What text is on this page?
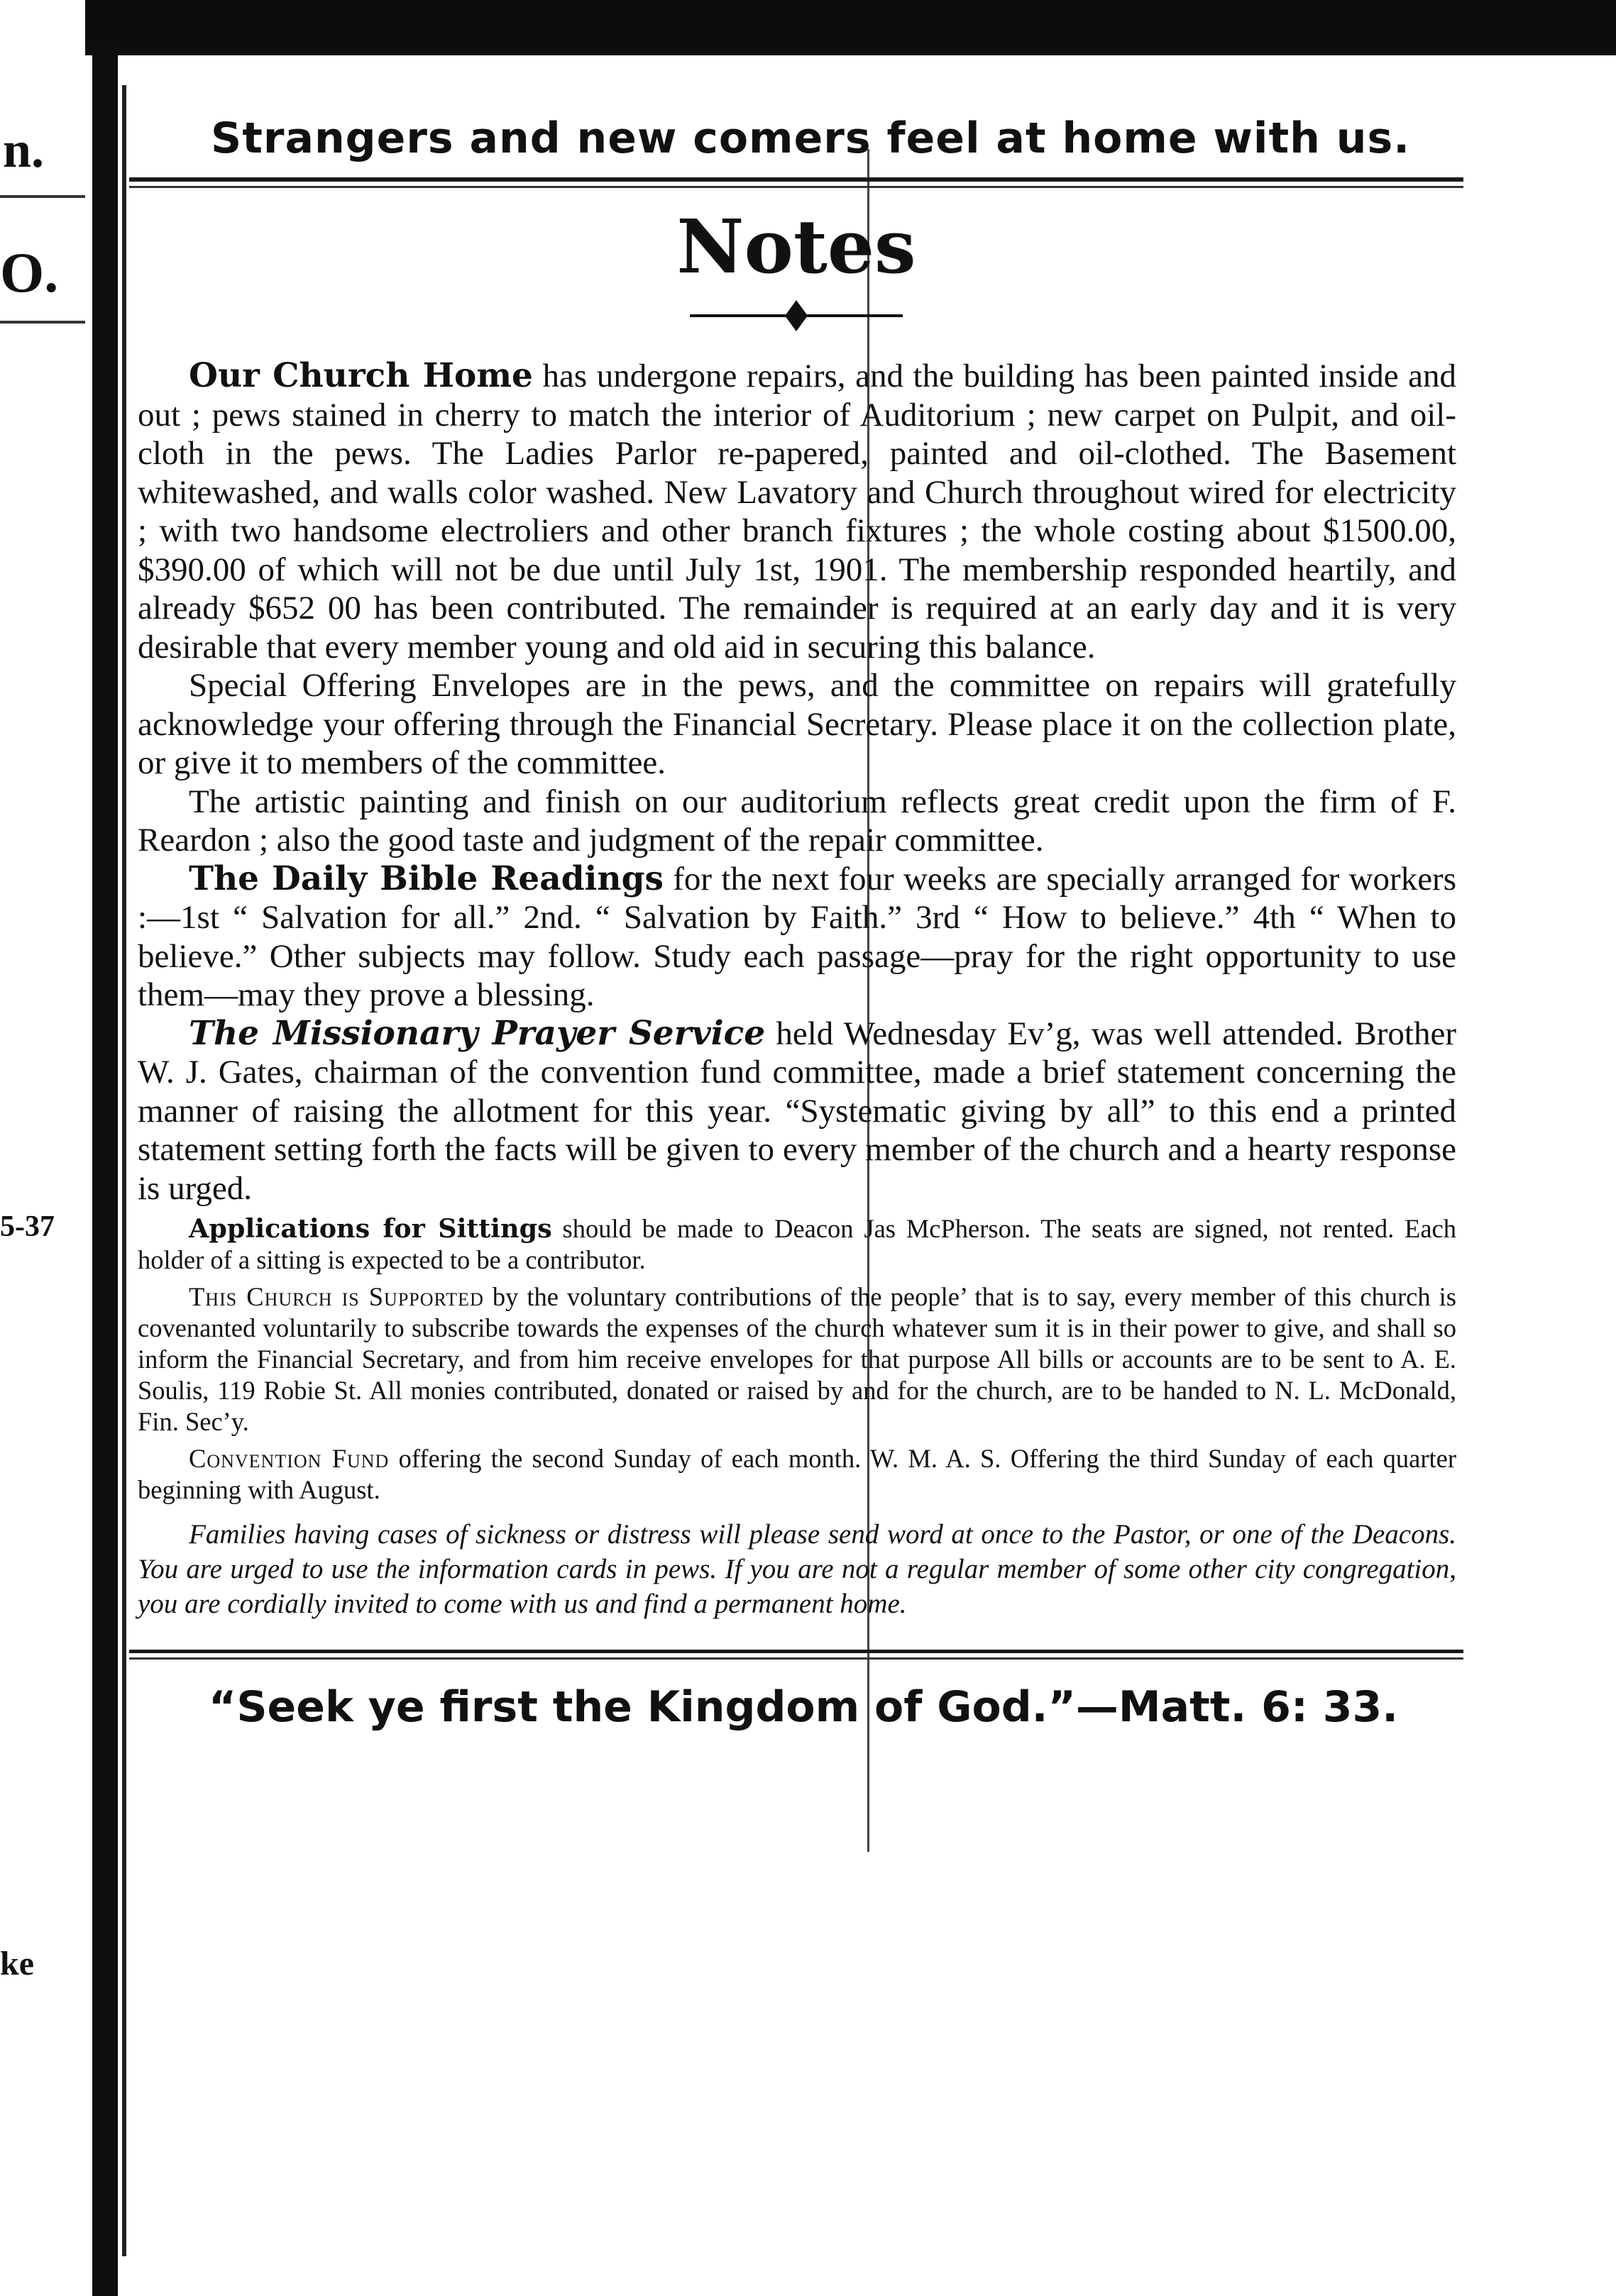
n.
O.
5-37
ke

Strangers and new comers feel at home with us.

Notes

Our Church Home has undergone repairs, and the building has been painted inside and out ; pews stained in cherry to match the interior of Auditorium ; new carpet on Pulpit, and oil-cloth in the pews. The Ladies Parlor re-papered, painted and oil-clothed. The Basement whitewashed, and walls color washed. New Lavatory and Church throughout wired for electricity ; with two handsome electroliers and other branch fixtures ; the whole costing about $1500.00, $390.00 of which will not be due until July 1st, 1901. The membership responded heartily, and already $652 00 has been contributed. The remainder is required at an early day and it is very desirable that every member young and old aid in securing this balance.

Special Offering Envelopes are in the pews, and the committee on repairs will gratefully acknowledge your offering through the Financial Secretary. Please place it on the collection plate, or give it to members of the committee.

The artistic painting and finish on our auditorium reflects great credit upon the firm of F. Reardon ; also the good taste and judgment of the repair committee.

The Daily Bible Readings for the next four weeks are specially arranged for workers :—1st “ Salvation for all.” 2nd. “ Salvation by Faith.” 3rd “ How to believe.” 4th “ When to believe.” Other subjects may follow. Study each passage—pray for the right opportunity to use them—may they prove a blessing.

The Missionary Prayer Service held Wednesday Ev’g, was well attended. Brother W. J. Gates, chairman of the convention fund committee, made a brief statement concerning the manner of raising the allotment for this year. “Systematic giving by all” to this end a printed statement setting forth the facts will be given to every member of the church and a hearty response is urged.

Applications for Sittings should be made to Deacon Jas McPherson. The seats are signed, not rented. Each holder of a sitting is expected to be a contributor.

This Church is Supported by the voluntary contributions of the people’ that is to say, every member of this church is covenanted voluntarily to subscribe towards the expenses of the church whatever sum it is in their power to give, and shall so inform the Financial Secretary, and from him receive envelopes for that purpose All bills or accounts are to be sent to A. E. Soulis, 119 Robie St. All monies contributed, donated or raised by and for the church, are to be handed to N. L. McDonald, Fin. Sec’y.

Convention Fund offering the second Sunday of each month. W. M. A. S. Offering the third Sunday of each quarter beginning with August.

Families having cases of sickness or distress will please send word at once to the Pastor, or one of the Deacons. You are urged to use the information cards in pews. If you are not a regular member of some other city congregation, you are cordially invited to come with us and find a permanent home.

“Seek ye first the Kingdom of God.”—Matt. 6: 33.
